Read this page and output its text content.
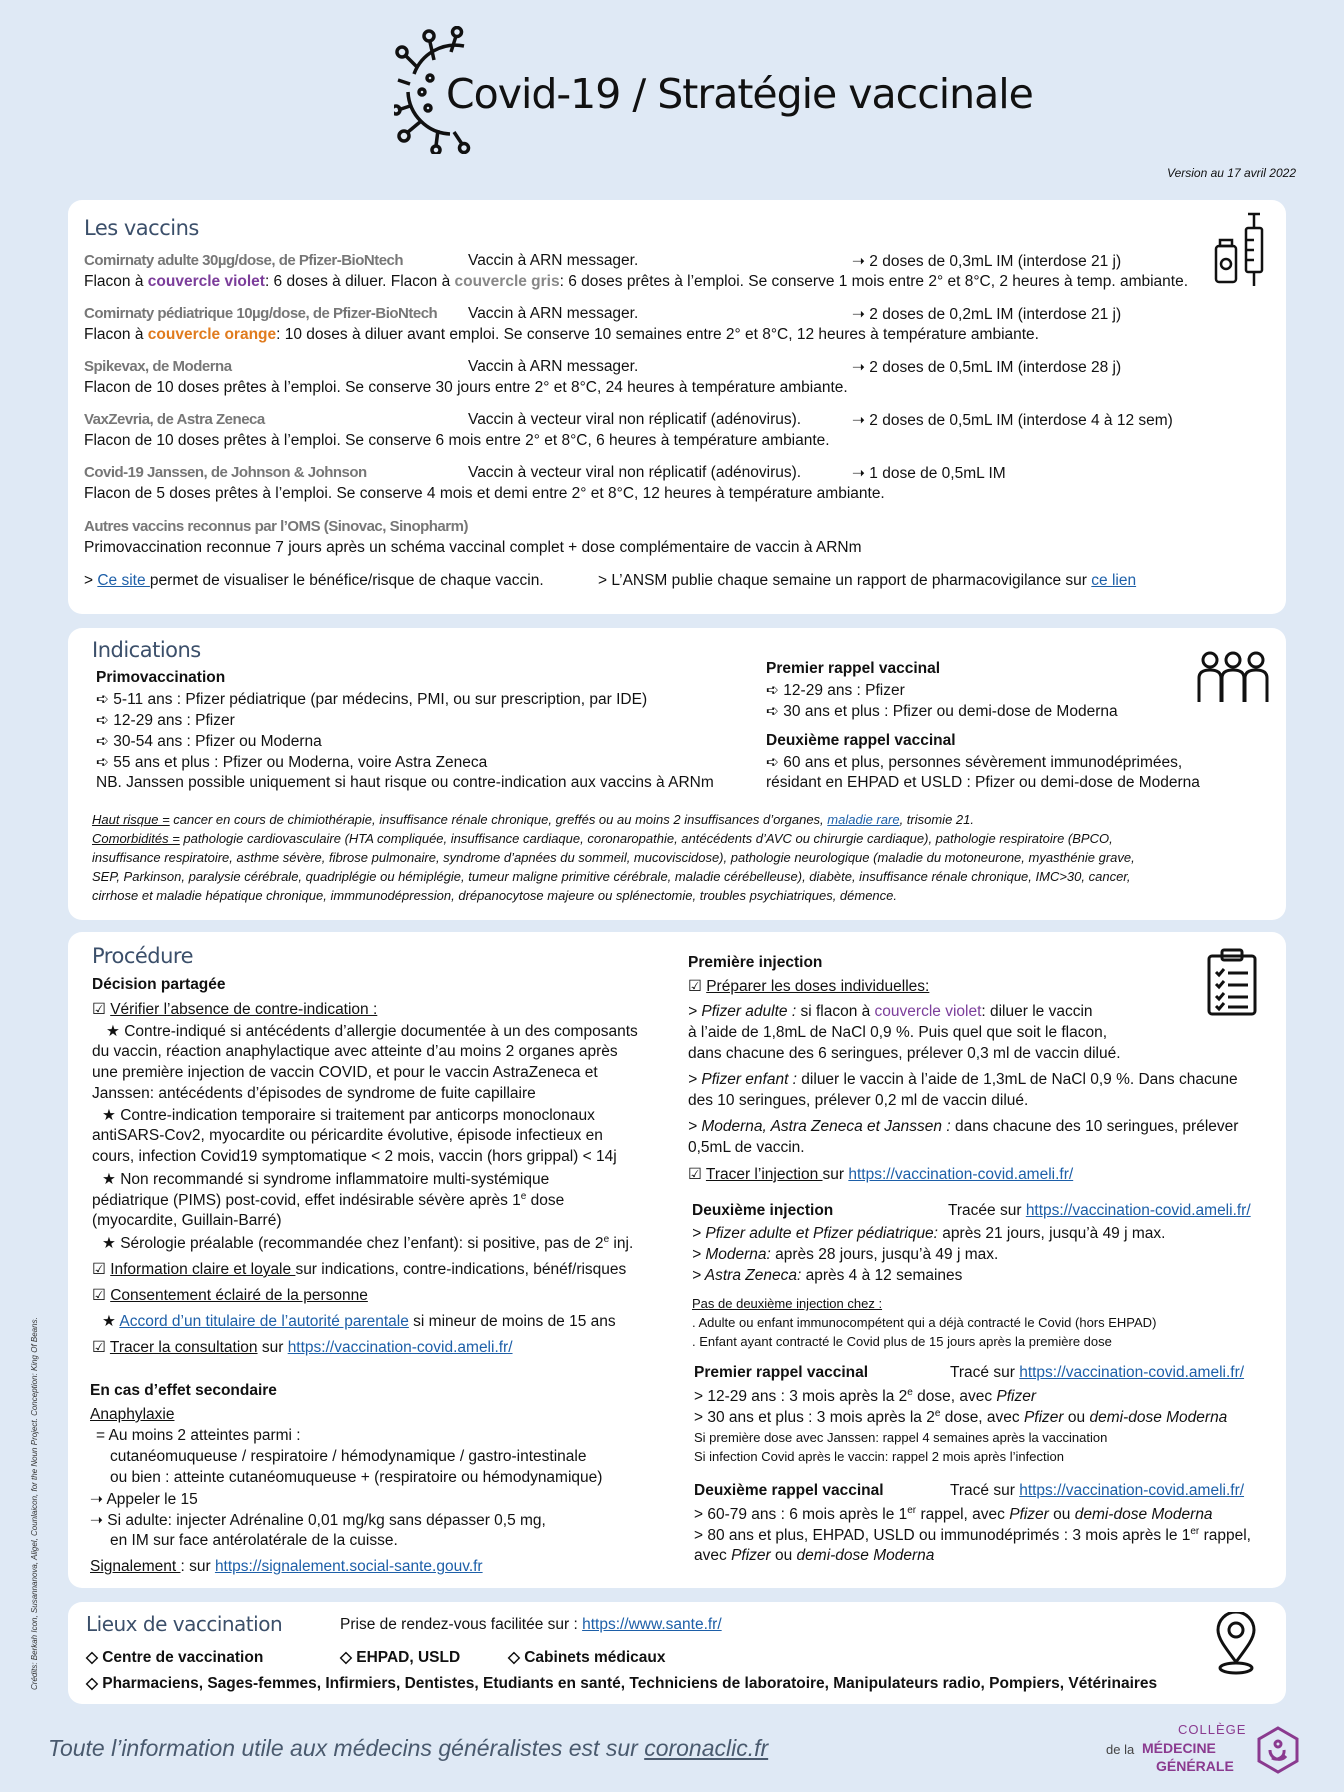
Covid-19 / Stratégie vaccinale
Version au 17 avril 2022
Les vaccins
Comirnaty adulte 30µg/dose, de Pfizer-BioNtech	Vaccin à ARN messager.	➝ 2 doses de 0,3mL IM (interdose 21 j)
Flacon à couvercle violet: 6 doses à diluer. Flacon à couvercle gris: 6 doses prêtes à l’emploi. Se conserve 1 mois entre 2° et 8°C, 2 heures à temp. ambiante.
Comirnaty pédiatrique 10µg/dose, de Pfizer-BioNtech Vaccin à ARN messager.	➝ 2 doses de 0,2mL IM (interdose 21 j)
Flacon à couvercle orange: 10 doses à diluer avant emploi. Se conserve 10 semaines entre 2° et 8°C, 12 heures à température ambiante.
Spikevax, de Moderna	Vaccin à ARN messager.	➝ 2 doses de 0,5mL IM (interdose 28 j)
Flacon de 10 doses prêtes à l’emploi. Se conserve 30 jours entre 2° et 8°C, 24 heures à température ambiante.
VaxZevria, de Astra Zeneca	Vaccin à vecteur viral non réplicatif (adénovirus).	➝ 2 doses de 0,5mL IM (interdose 4 à 12 sem)
Flacon de 10 doses prêtes à l’emploi. Se conserve 6 mois entre 2° et 8°C, 6 heures à température ambiante.
Covid-19 Janssen, de Johnson & Johnson	Vaccin à vecteur viral non réplicatif (adénovirus).	➝ 1 dose de 0,5mL IM
Flacon de 5 doses prêtes à l’emploi. Se conserve 4 mois et demi entre 2° et 8°C, 12 heures à température ambiante.
Autres vaccins reconnus par l’OMS (Sinovac, Sinopharm)
Primovaccination reconnue 7 jours après un schéma vaccinal complet + dose complémentaire de vaccin à ARNm
> Ce site permet de visualiser le bénéfice/risque de chaque vaccin.	> L’ANSM publie chaque semaine un rapport de pharmacovigilance sur ce lien
Indications
Primovaccination
➪ 5-11 ans : Pfizer pédiatrique (par médecins, PMI, ou sur prescription, par IDE)
➪ 12-29 ans : Pfizer
➪ 30-54 ans : Pfizer ou Moderna
➪ 55 ans et plus : Pfizer ou Moderna, voire Astra Zeneca
NB. Janssen possible uniquement si haut risque ou contre-indication aux vaccins à ARNm
Premier rappel vaccinal
➪ 12-29 ans : Pfizer
➪ 30 ans et plus : Pfizer ou demi-dose de Moderna
Deuxième rappel vaccinal
➪ 60 ans et plus, personnes sévèrement immunodéprimées,
résidant en EHPAD et USLD : Pfizer ou demi-dose de Moderna
Haut risque = cancer en cours de chimiothérapie, insuffisance rénale chronique, greffés ou au moins 2 insuffisances d’organes, maladie rare, trisomie 21.
Comorbidités = pathologie cardiovasculaire (HTA compliquée, insuffisance cardiaque, coronaropathie, antécédents d’AVC ou chirurgie cardiaque), pathologie respiratoire (BPCO,
insuffisance respiratoire, asthme sévère, fibrose pulmonaire, syndrome d’apnées du sommeil, mucoviscidose), pathologie neurologique (maladie du motoneurone, myasthénie grave,
SEP, Parkinson, paralysie cérébrale, quadriplégie ou hémiplégie, tumeur maligne primitive cérébrale, maladie cérébelleuse), diabète, insuffisance rénale chronique, IMC>30, cancer,
cirrhose et maladie hépatique chronique, immmunodépression, drépanocytose majeure ou splénectomie, troubles psychiatriques, démence.
Procédure
Décision partagée
☑ Vérifier l’absence de contre-indication :
★ Contre-indiqué si antécédents d’allergie documentée à un des composants
du vaccin, réaction anaphylactique avec atteinte d’au moins 2 organes après
une première injection de vaccin COVID, et pour le vaccin AstraZeneca et
Janssen: antécédents d’épisodes de syndrome de fuite capillaire
★ Contre-indication temporaire si traitement par anticorps monoclonaux
antiSARS-Cov2, myocardite ou péricardite évolutive, épisode infectieux en
cours, infection Covid19 symptomatique < 2 mois, vaccin (hors grippal) < 14j
★ Non recommandé si syndrome inflammatoire multi-systémique
pédiatrique (PIMS) post-covid, effet indésirable sévère après 1e dose
(myocardite, Guillain-Barré)
★ Sérologie préalable (recommandée chez l’enfant): si positive, pas de 2e inj.
☑ Information claire et loyale sur indications, contre-indications, bénéf/risques
☑ Consentement éclairé de la personne
★ Accord d’un titulaire de l’autorité parentale si mineur de moins de 15 ans
☑ Tracer la consultation sur https://vaccination-covid.ameli.fr/
En cas d’effet secondaire
Anaphylaxie
= Au moins 2 atteintes parmi :
cutanéomuqueuse / respiratoire / hémodynamique / gastro-intestinale
ou bien : atteinte cutanéomuqueuse + (respiratoire ou hémodynamique)
➝ Appeler le 15
➝ Si adulte: injecter Adrénaline 0,01 mg/kg sans dépasser 0,5 mg,
en IM sur face antérolatérale de la cuisse.
Signalement : sur https://signalement.social-sante.gouv.fr
Première injection
☑ Préparer les doses individuelles:
> Pfizer adulte : si flacon à couvercle violet: diluer le vaccin
à l’aide de 1,8mL de NaCl 0,9 %. Puis quel que soit le flacon,
dans chacune des 6 seringues, prélever 0,3 ml de vaccin dilué.
> Pfizer enfant : diluer le vaccin à l’aide de 1,3mL de NaCl 0,9 %. Dans chacune
des 10 seringues, prélever 0,2 ml de vaccin dilué.
> Moderna, Astra Zeneca et Janssen : dans chacune des 10 seringues, prélever
0,5mL de vaccin.
☑ Tracer l’injection sur https://vaccination-covid.ameli.fr/
Deuxième injection	Tracée sur https://vaccination-covid.ameli.fr/
> Pfizer adulte et Pfizer pédiatrique: après 21 jours, jusqu’à 49 j max.
> Moderna: après 28 jours, jusqu’à 49 j max.
> Astra Zeneca: après 4 à 12 semaines
Pas de deuxième injection chez :
. Adulte ou enfant immunocompétent qui a déjà contracté le Covid (hors EHPAD)
. Enfant ayant contracté le Covid plus de 15 jours après la première dose
Premier rappel vaccinal	Tracé sur https://vaccination-covid.ameli.fr/
> 12-29 ans : 3 mois après la 2e dose, avec Pfizer
> 30 ans et plus : 3 mois après la 2e dose, avec Pfizer ou demi-dose Moderna
Si première dose avec Janssen: rappel 4 semaines après la vaccination
Si infection Covid après le vaccin: rappel 2 mois après l’infection
Deuxième rappel vaccinal	Tracé sur https://vaccination-covid.ameli.fr/
> 60-79 ans : 6 mois après le 1er rappel, avec Pfizer ou demi-dose Moderna
> 80 ans et plus, EHPAD, USLD ou immunodéprimés : 3 mois après le 1er rappel,
avec Pfizer ou demi-dose Moderna
Lieux de vaccination	Prise de rendez-vous facilitée sur : https://www.sante.fr/
◇ Centre de vaccination	◇ EHPAD, USLD	◇ Cabinets médicaux
◇ Pharmaciens, Sages-femmes, Infirmiers, Dentistes, Etudiants en santé, Techniciens de laboratoire, Manipulateurs radio, Pompiers, Vétérinaires
Toute l’information utile aux médecins généralistes est sur coronaclic.fr
COLLÈGE
de la MÉDECINE
GÉNÉRALE
Crédits: Berkah Icon, Susannanova, Aligel, Counlaicon, for the Noun Project. Conception: King Of Beans.
